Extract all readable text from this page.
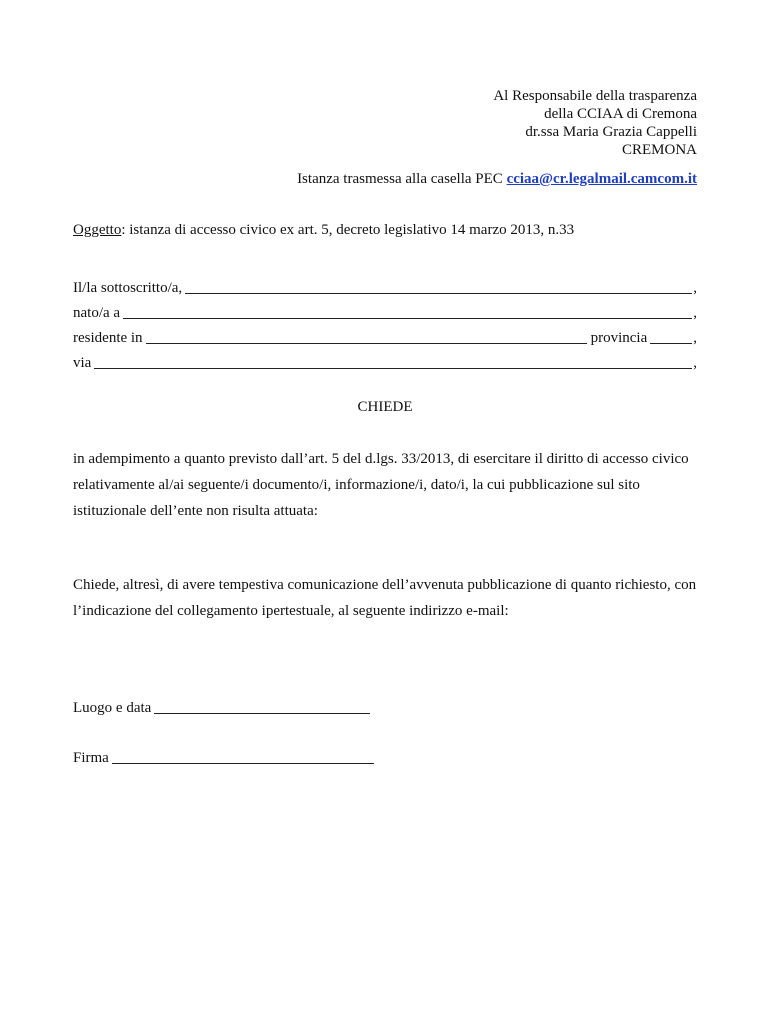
Al Responsabile della trasparenza
della CCIAA di Cremona
dr.ssa Maria Grazia Cappelli
CREMONA
Istanza trasmessa alla casella PEC cciaa@cr.legalmail.camcom.it
Oggetto: istanza di accesso civico ex art. 5, decreto legislativo 14 marzo 2013, n.33
Il/la sottoscritto/a,	,
nato/a a	,
residente in	provincia	,
via	,
CHIEDE
in adempimento a quanto previsto dall’art. 5 del d.lgs. 33/2013, di esercitare il diritto di accesso civico relativamente al/ai seguente/i documento/i, informazione/i, dato/i, la cui pubblicazione sul sito istituzionale dell’ente non risulta attuata:
Chiede, altresì, di avere tempestiva comunicazione dell’avvenuta pubblicazione di quanto richiesto, con l’indicazione del collegamento ipertestuale, al seguente indirizzo e-mail:
Luogo e data
Firma
